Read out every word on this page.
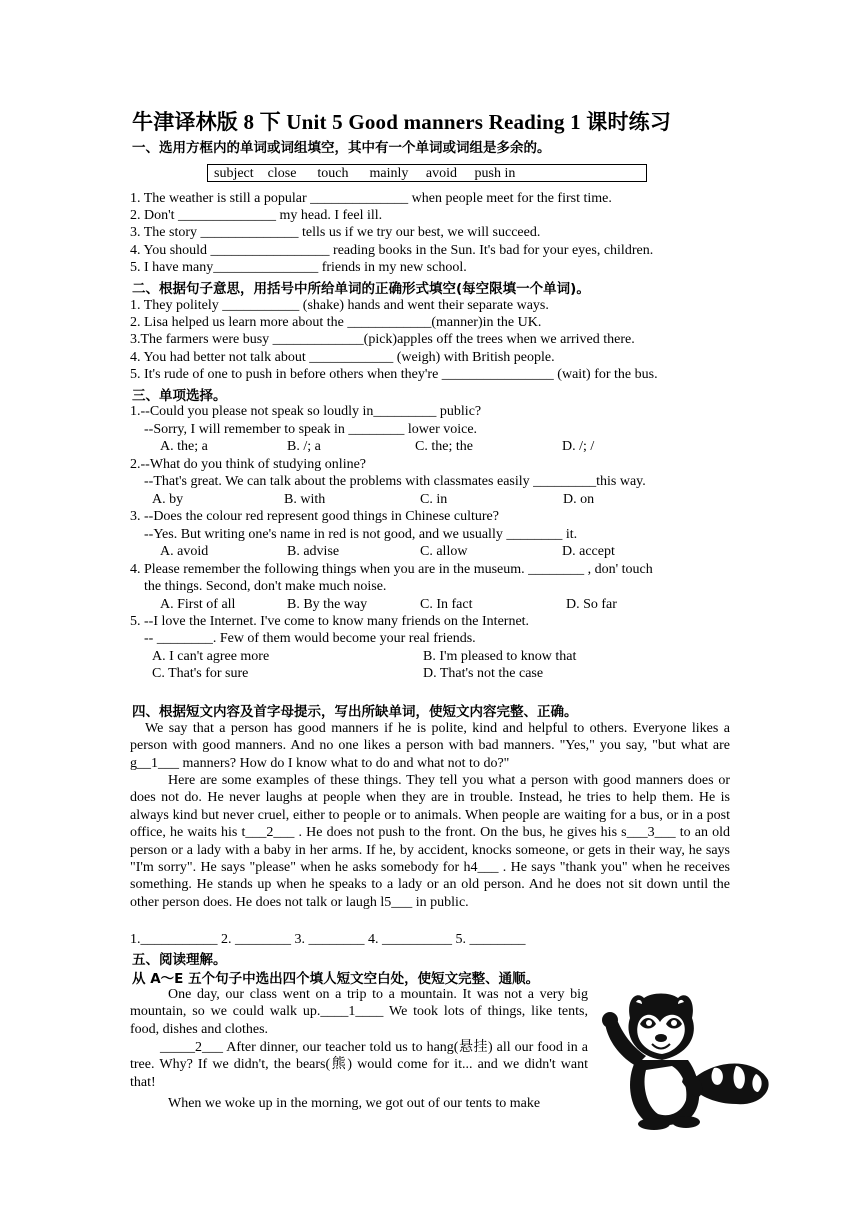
牛津译林版 8 下 Unit 5 Good manners Reading 1 课时练习
一、选用方框内的单词或词组填空，其中有一个单词或词组是多余的。
subject    close      touch      mainly     avoid     push in
1. The weather is still a popular ______________ when people meet for the first time.
2. Don't ______________ my head. I feel ill.
3. The story ______________ tells us if we try our best, we will succeed.
4. You should _________________ reading books in the Sun. It's bad for your eyes, children.
5. I have many_______________ friends in my new school.
二、根据句子意思，用括号中所给单词的正确形式填空(每空限填一个单词)。
1. They politely ___________ (shake) hands and went their separate ways.
2. Lisa helped us learn more about the ____________(manner)in the UK.
3.The farmers were busy _____________(pick)apples off the trees when we arrived there.
4. You had better not talk about ____________ (weigh) with British people.
5. It's rude of one to push in before others when they're ________________ (wait) for the bus.
三、单项选择。
1.--Could you please not speak so loudly in_________ public?
--Sorry, I will remember to speak in ________ lower voice.
A. the; a	B. /; a	C. the; the	D. /; /
2.--What do you think of studying online?
--That's great. We can talk about the problems with classmates easily _________this way.
A. by	B. with	C. in	D. on
3. --Does the colour red represent good things in Chinese culture?
--Yes. But writing one's name in red is not good, and we usually ________ it.
A. avoid	B. advise	C. allow	D. accept
4. Please remember the following things when you are in the museum. ________ , don' touch
the things. Second, don't make much noise.
A. First of all	B. By the way	C. In fact	D. So far
5. --I love the Internet. I've come to know many friends on the Internet.
-- ________. Few of them would become your real friends.
A. I can't agree more	B. I'm pleased to know that
C. That's for sure	D. That's not the case
四、根据短文内容及首字母提示，写出所缺单词，使短文内容完整、正确。
We say that a person has good manners if he is polite, kind and helpful to others. Everyone likes a person with good manners. And no one likes a person with bad manners. "Yes," you say, "but what are g__1___ manners? How do I know what to do and what not to do?"
Here are some examples of these things. They tell you what a person with good manners does or does not do. He never laughs at people when they are in trouble. Instead, he tries to help them. He is always kind but never cruel, either to people or to animals. When people are waiting for a bus, or in a post office, he waits his t___2___ . He does not push to the front. On the bus, he gives his s___3___ to an old person or a lady with a baby in her arms. If he, by accident, knocks someone, or gets in their way, he says "I'm sorry". He says "please" when he asks somebody for h4___ . He says "thank you" when he receives something. He stands up when he speaks to a lady or an old person. And he does not sit down until the other person does. He does not talk or laugh l5___ in public.
1.___________ 2. ________ 3. ________ 4. __________ 5. ________
五、阅读理解。
从 A～E 五个句子中选出四个填人短文空白处，使短文完整、通顺。
One day, our class went on a trip to a mountain. It was not a very big mountain, so we could walk up.____1____ We took lots of things, like tents, food, dishes and clothes.
_____2___ After dinner, our teacher told us to hang(悬挂) all our food in a tree. Why? If we didn't, the bears(熊) would come for it... and we didn't want that!
When we woke up in the morning, we got out of our tents to make
